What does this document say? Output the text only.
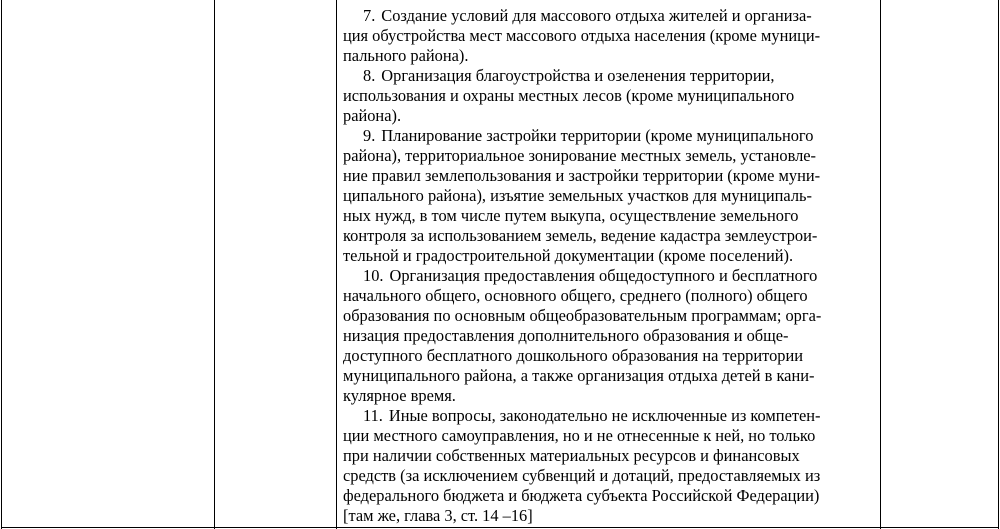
7. Создание условий для массового отдыха жителей и организа-
ция обустройства мест массового отдыха населения (кроме муници-
пального района).
8. Организация благоустройства и озеленения территории,
использования и охраны местных лесов (кроме муниципального
района).
9. Планирование застройки территории (кроме муниципального
района), территориальное зонирование местных земель, установле-
ние правил землепользования и застройки территории (кроме муни-
ципального района), изъятие земельных участков для муниципаль-
ных нужд, в том числе путем выкупа, осуществление земельного
контроля за использованием земель, ведение кадастра землеустрои-
тельной и градостроительной документации (кроме поселений).
10. Организация предоставления общедоступного и бесплатного
начального общего, основного общего, среднего (полного) общего
образования по основным общеобразовательным программам; орга-
низация предоставления дополнительного образования и обще-
доступного бесплатного дошкольного образования на территории
муниципального района, а также организация отдыха детей в кани-
кулярное время.
11. Иные вопросы, законодательно не исключенные из компетен-
ции местного самоуправления, но и не отнесенные к ней, но только
при наличии собственных материальных ресурсов и финансовых
средств (за исключением субвенций и дотаций, предоставляемых из
федерального бюджета и бюджета субъекта Российской Федерации)
[там же, глава 3, ст. 14 –16]
